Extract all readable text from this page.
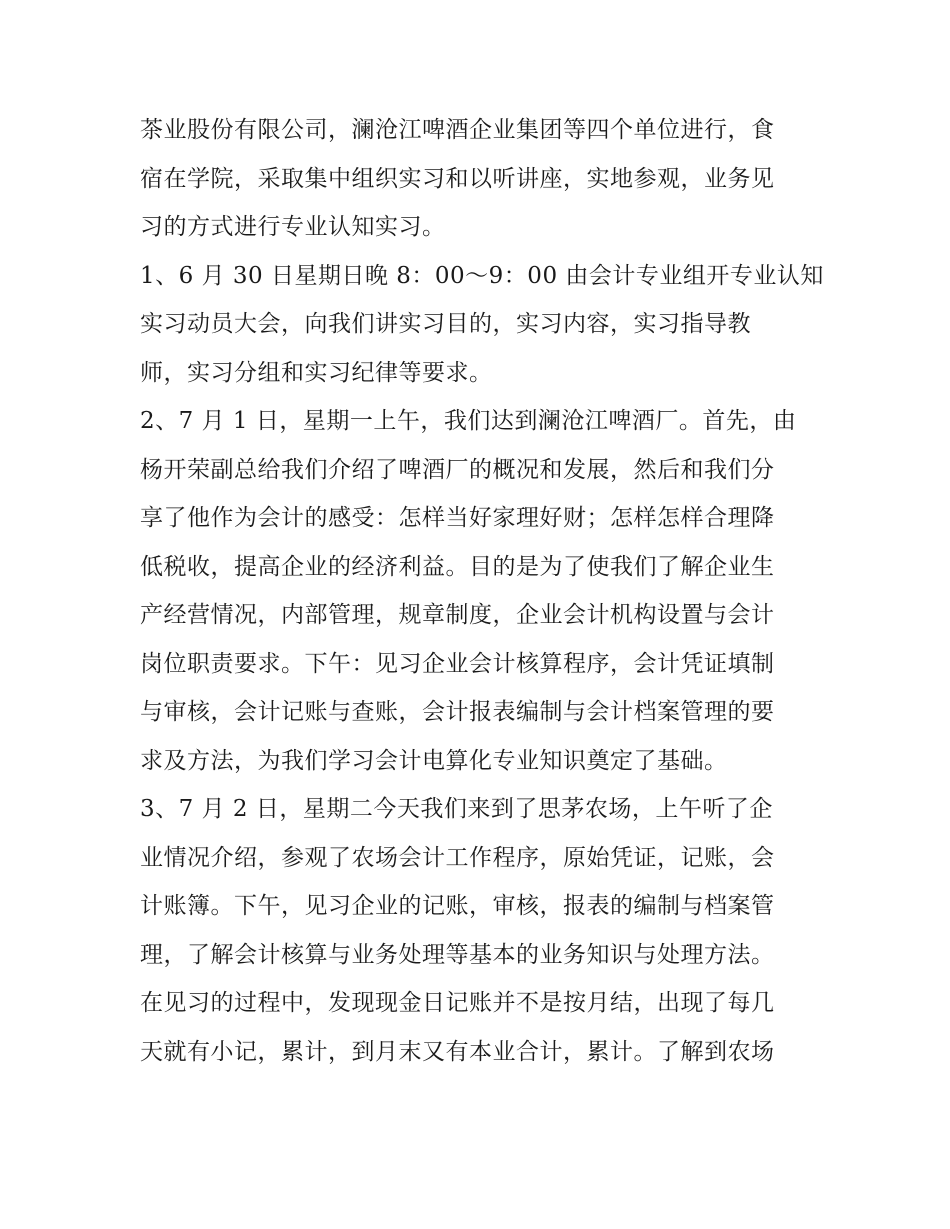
茶业股份有限公司，澜沧江啤酒企业集团等四个单位进行，食
宿在学院，采取集中组织实习和以听讲座，实地参观，业务见
习的方式进行专业认知实习。
1、6 月 30 日星期日晚 8：00～9：00 由会计专业组开专业认知
实习动员大会，向我们讲实习目的，实习内容，实习指导教
师，实习分组和实习纪律等要求。
2、7 月 1 日，星期一上午，我们达到澜沧江啤酒厂。首先，由
杨开荣副总给我们介绍了啤酒厂的概况和发展，然后和我们分
享了他作为会计的感受：怎样当好家理好财；怎样怎样合理降
低税收，提高企业的经济利益。目的是为了使我们了解企业生
产经营情况，内部管理，规章制度，企业会计机构设置与会计
岗位职责要求。下午：见习企业会计核算程序，会计凭证填制
与审核，会计记账与查账，会计报表编制与会计档案管理的要
求及方法，为我们学习会计电算化专业知识奠定了基础。
3、7 月 2 日，星期二今天我们来到了思茅农场，上午听了企
业情况介绍，参观了农场会计工作程序，原始凭证，记账，会
计账簿。下午，见习企业的记账，审核，报表的编制与档案管
理，了解会计核算与业务处理等基本的业务知识与处理方法。
在见习的过程中，发现现金日记账并不是按月结，出现了每几
天就有小记，累计，到月末又有本业合计，累计。了解到农场
